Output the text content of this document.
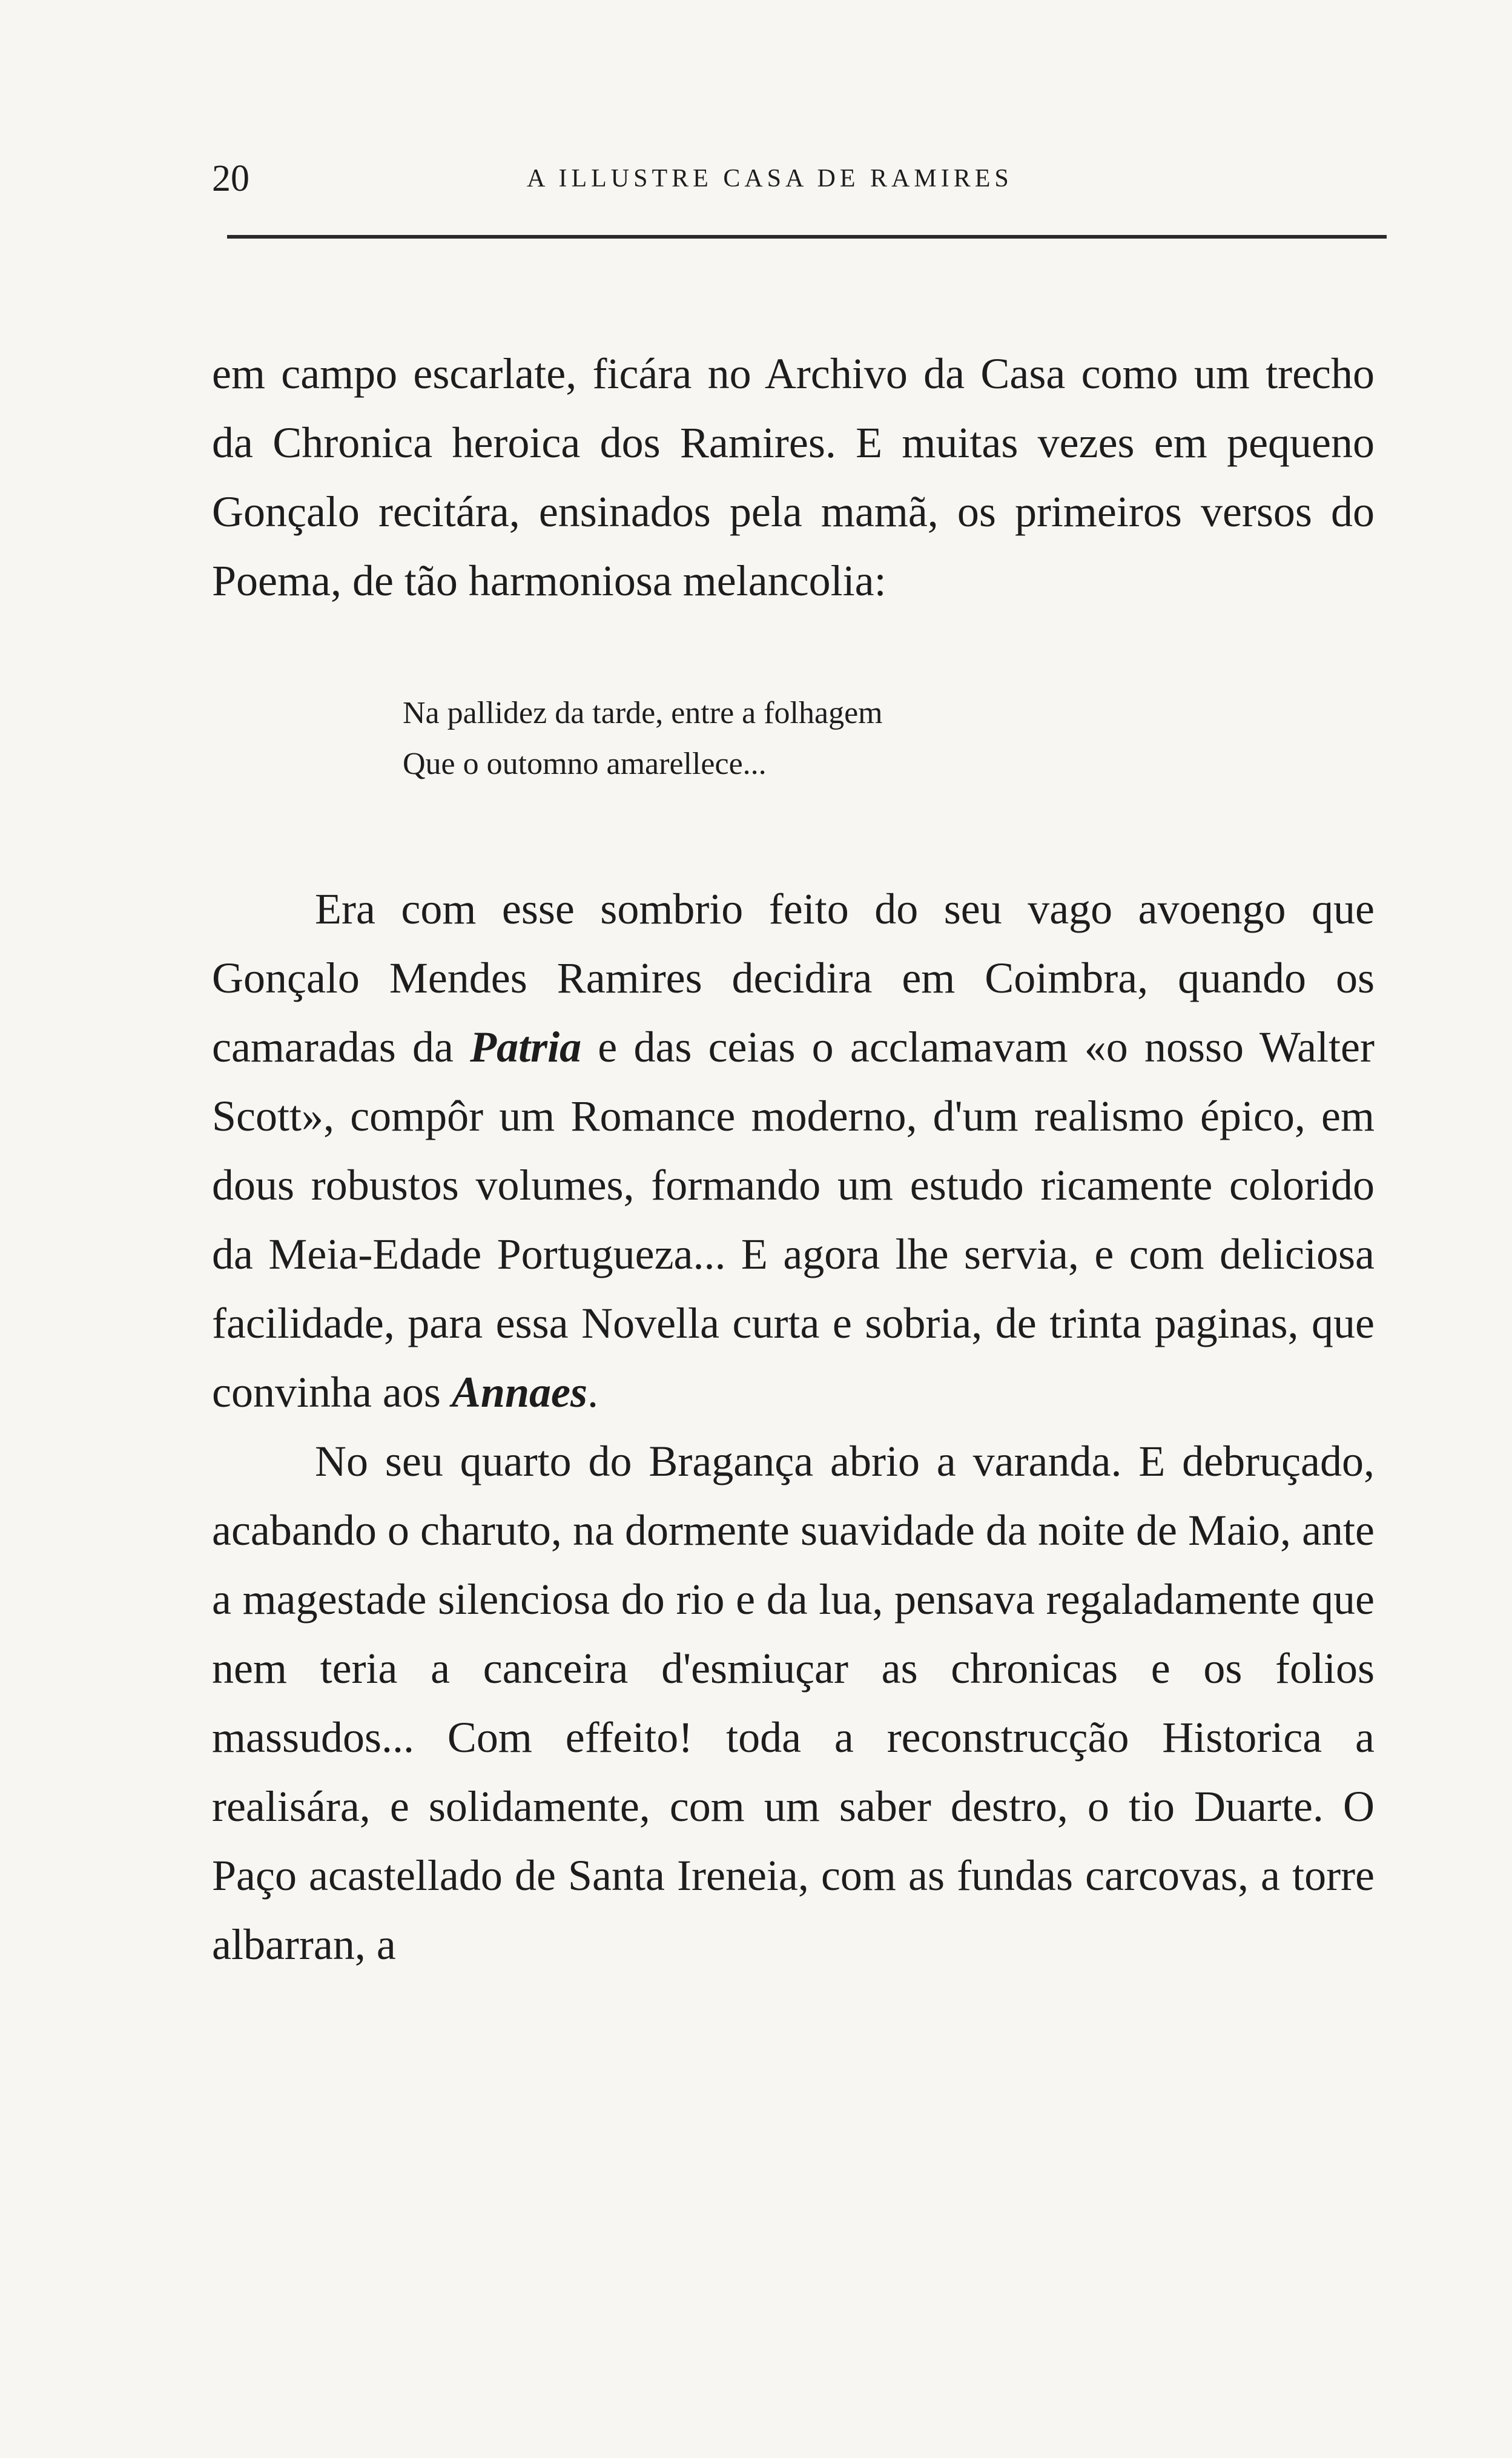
20	A ILLUSTRE CASA DE RAMIRES

em campo escarlate, ficára no Archivo da Casa como um trecho da Chronica heroica dos Ramires. E muitas vezes em pequeno Gonçalo recitára, ensinados pela mamã, os primeiros versos do Poema, de tão harmoniosa melancolia:

Na pallidez da tarde, entre a folhagem
Que o outomno amarellece...

Era com esse sombrio feito do seu vago avoengo que Gonçalo Mendes Ramires decidira em Coimbra, quando os camaradas da Patria e das ceias o acclamavam «o nosso Walter Scott», compôr um Romance moderno, d'um realismo épico, em dous robustos volumes, formando um estudo ricamente colorido da Meia-Edade Portugueza... E agora lhe servia, e com deliciosa facilidade, para essa Novella curta e sobria, de trinta paginas, que convinha aos Annaes.

No seu quarto do Bragança abrio a varanda. E debruçado, acabando o charuto, na dormente suavidade da noite de Maio, ante a magestade silenciosa do rio e da lua, pensava regaladamente que nem teria a canceira d'esmiuçar as chronicas e os folios massudos... Com effeito! toda a reconstrucção Historica a realisára, e solidamente, com um saber destro, o tio Duarte. O Paço acastellado de Santa Ireneia, com as fundas carcovas, a torre albarran, a
